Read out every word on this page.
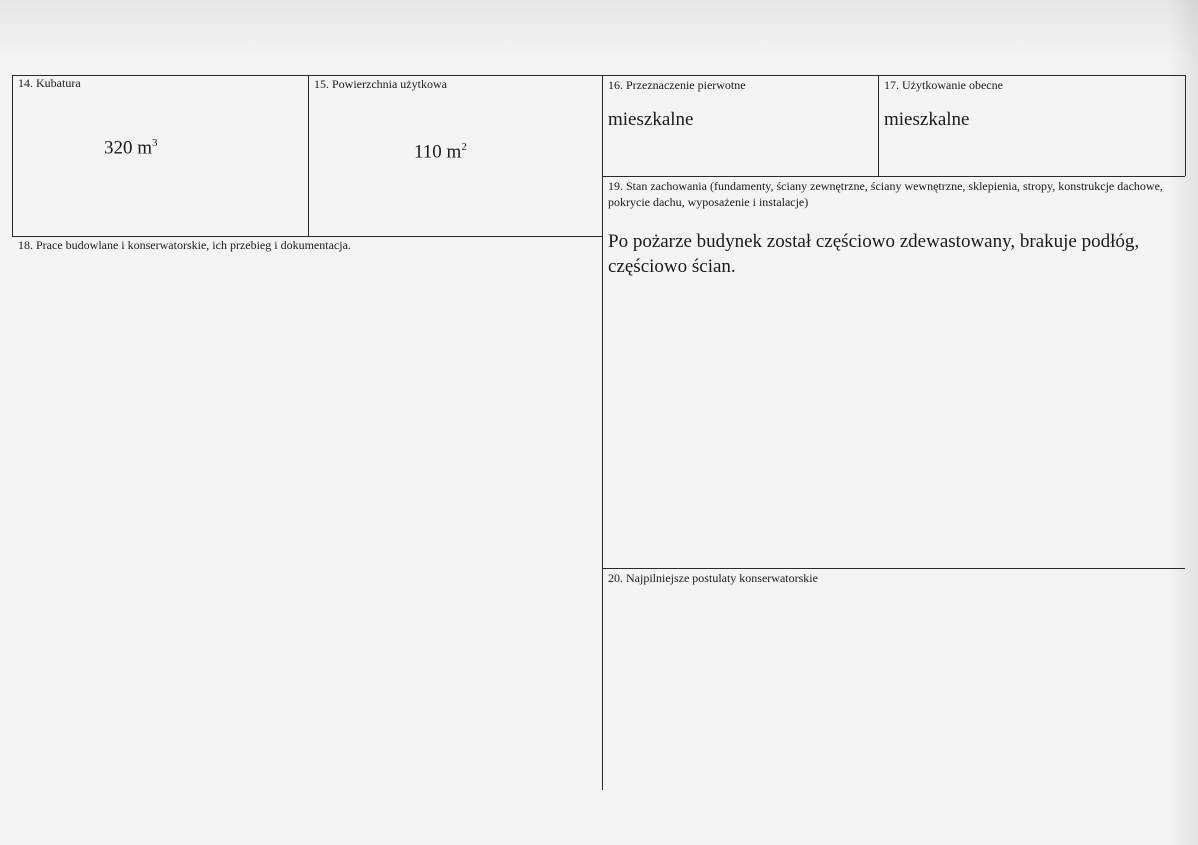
14. Kubatura
320 $m^3$
15. Powierzchnia użytkowa
110 $m^2$
16. Przeznaczenie pierwotne
mieszkalne
17. Użytkowanie obecne
mieszkalne
18. Prace budowlane i konserwatorskie, ich przebieg i dokumentacja.
19. Stan zachowania (fundamenty, ściany zewnętrzne, ściany wewnętrzne, sklepienia, stropy, konstrukcje dachowe, pokrycie dachu, wyposażenie i instalacje)
Po pożarze budynek został częściowo zdewastowany, brakuje podłóg, częściowo ścian.
20. Najpilniejsze postulaty konserwatorskie
